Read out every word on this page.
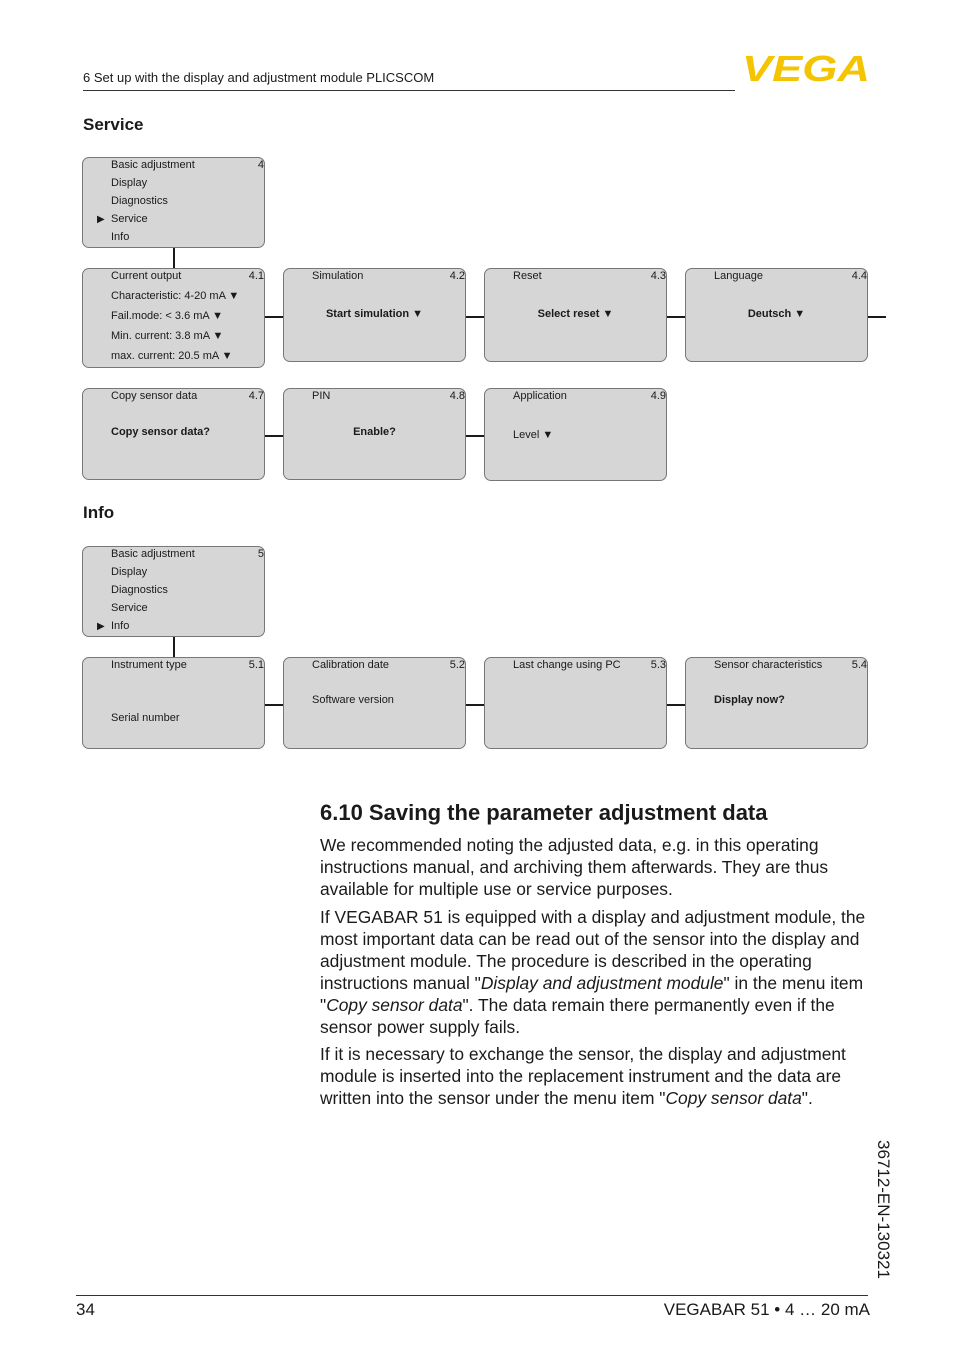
6 Set up with the display and adjustment module PLICSCOM	VEGA
Service
4
Basic adjustment
Display
Diagnostics
▶ Service
Info
Current output	4.1
Characteristic: 4-20 mA ▼
Fail.mode: < 3.6 mA ▼
Min. current: 3.8 mA ▼
max. current: 20.5 mA ▼
Simulation	4.2
Start simulation ▼
Reset	4.3
Select reset ▼
Language	4.4
Deutsch ▼
Copy sensor data	4.7
Copy sensor data?
PIN	4.8
Enable?
Application	4.9
Level ▼
Info
5
Basic adjustment
Display
Diagnostics
Service
▶ Info
Instrument type	5.1
Serial number
Calibration date	5.2
Software version
Last change using PC	5.3	Sensor characteristics	5.4
Display now?
6.10 Saving the parameter adjustment data

We recommended noting the adjusted data, e.g. in this operating instructions manual, and archiving them afterwards. They are thus available for multiple use or service purposes.

If VEGABAR 51 is equipped with a display and adjustment module, the most important data can be read out of the sensor into the display and adjustment module. The procedure is described in the operating instructions manual "Display and adjustment module" in the menu item "Copy sensor data". The data remain there permanently even if the sensor power supply fails.

If it is necessary to exchange the sensor, the display and adjustment module is inserted into the replacement instrument and the data are written into the sensor under the menu item "Copy sensor data".

36712-EN-130321
34	VEGABAR 51 • 4 … 20 mA
